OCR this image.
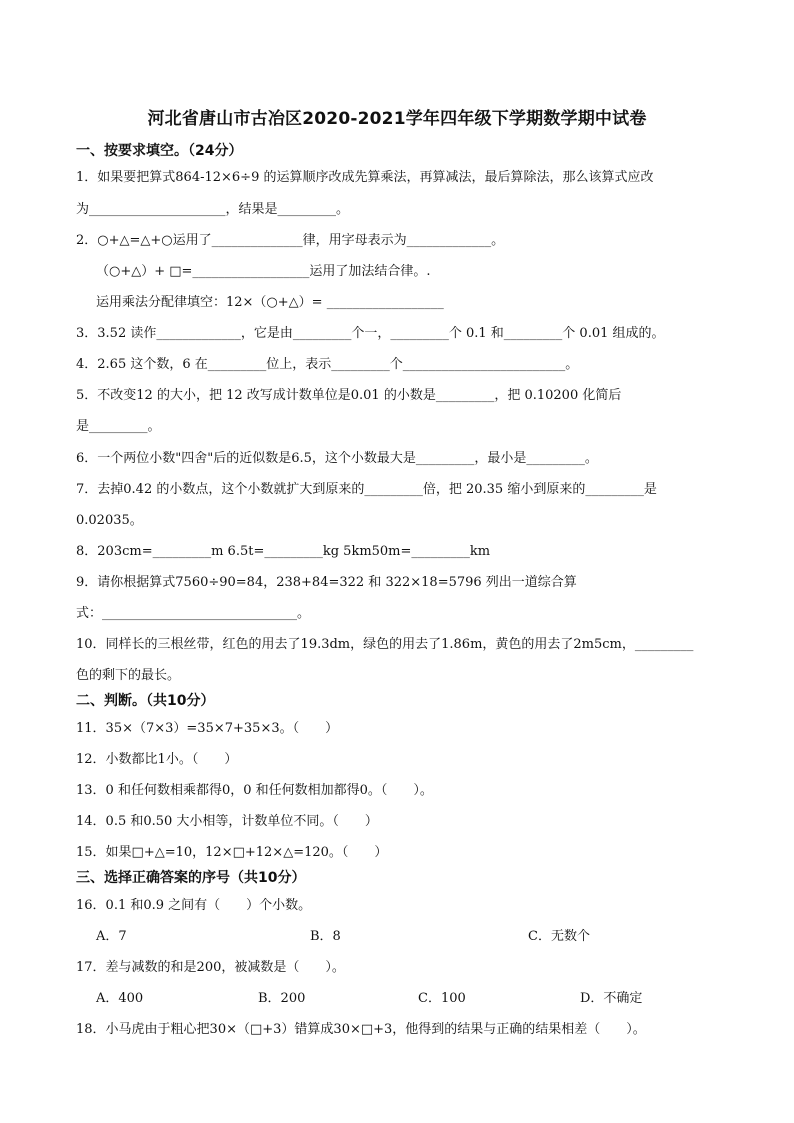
河北省唐山市古冶区2020-2021学年四年级下学期数学期中试卷
一、按要求填空。（24分）
1．如果要把算式864-12×6÷9 的运算顺序改成先算乘法，再算减法，最后算除法，那么该算式应改
为_____________________，结果是_________。
2．○+△=△+○运用了______________律，用字母表示为_____________。
（○+△）+ □=__________________运用了加法结合律。.
运用乘法分配律填空：12×（○+△）= __________________
3．3.52 读作_____________，它是由_________个一，_________个 0.1 和_________个 0.01 组成的。
4．2.65 这个数，6 在_________位上，表示_________个_________________________。
5．不改变12 的大小，把 12 改写成计数单位是0.01 的小数是_________，把 0.10200 化简后
是_________。
6．一个两位小数"四舍"后的近似数是6.5，这个小数最大是_________，最小是_________。
7．去掉0.42 的小数点，这个小数就扩大到原来的_________倍，把 20.35 缩小到原来的_________是
0.02035。
8．203cm=_________m 6.5t=_________kg 5km50m=_________km
9．请你根据算式7560÷90=84，238+84=322 和 322×18=5796 列出一道综合算
式：______________________________。
10．同样长的三根丝带，红色的用去了19.3dm，绿色的用去了1.86m，黄色的用去了2m5cm，_________
色的剩下的最长。
二、判断。（共10分）
11．35×（7×3）=35×7+35×3。（　　）
12．小数都比1小。（　　）
13．0 和任何数相乘都得0，0 和任何数相加都得0。（　　）。
14．0.5 和0.50 大小相等，计数单位不同。（　　）
15．如果□+△=10，12×□+12×△=120。（　　）
三、选择正确答案的序号（共10分）
16．0.1 和0.9 之间有（　　）个小数。
A．7	B．8	C．无数个
17．差与减数的和是200，被减数是（　　）。
A．400	B．200	C．100	D．不确定
18．小马虎由于粗心把30×（□+3）错算成30×□+3，他得到的结果与正确的结果相差（　　）。
